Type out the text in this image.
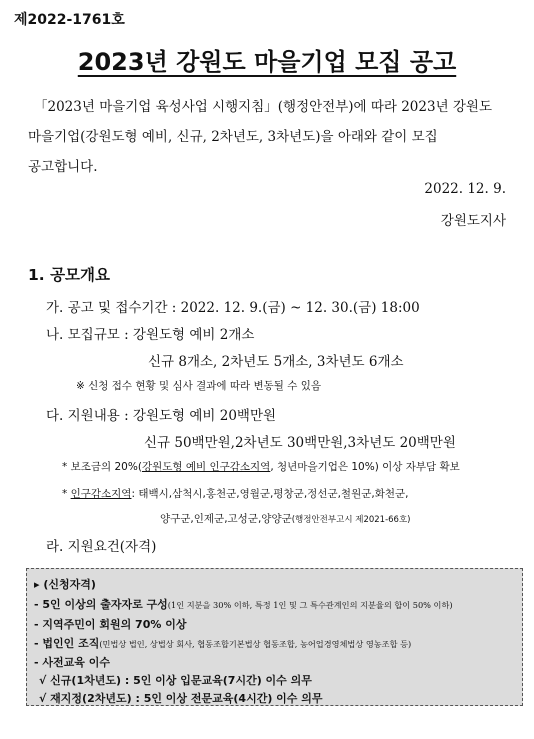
제2022-1761호
2023년 강원도 마을기업 모집 공고
「2023년 마을기업 육성사업 시행지침」(행정안전부)에 따라 2023년 강원도
마을기업(강원도형 예비, 신규, 2차년도, 3차년도)을 아래와 같이 모집
공고합니다.
2022. 12. 9.
강원도지사
1. 공모개요
가. 공고 및 접수기간 : 2022. 12. 9.(금) ~ 12. 30.(금) 18:00
나. 모집규모 : 강원도형 예비 2개소
신규 8개소, 2차년도 5개소, 3차년도 6개소
※ 신청 접수 현황 및 심사 결과에 따라 변동될 수 있음
다. 지원내용 : 강원도형 예비 20백만원
신규 50백만원,2차년도 30백만원,3차년도 20백만원
* 보조금의 20%(강원도형 예비 인구감소지역, 청년마을기업은 10%) 이상 자부담 확보
* 인구감소지역: 태백시,삼척시,홍천군,영월군,평창군,정선군,철원군,화천군,
양구군,인제군,고성군,양양군(행정안전부고시 제2021-66호)
라. 지원요건(자격)
▸ (신청자격)
- 5인 이상의 출자자로 구성(1인 지분을 30% 이하, 특정 1인 및 그 특수관계인의 지분율의 합이 50% 이하)
- 지역주민이 회원의 70% 이상
- 법인인 조직(민법상 법인, 상법상 회사, 협동조합기본법상 협동조합, 농어업경영체법상 영농조합 등)
- 사전교육 이수
√ 신규(1차년도) : 5인 이상 입문교육(7시간) 이수 의무
√ 재지정(2차년도) : 5인 이상 전문교육(4시간) 이수 의무
